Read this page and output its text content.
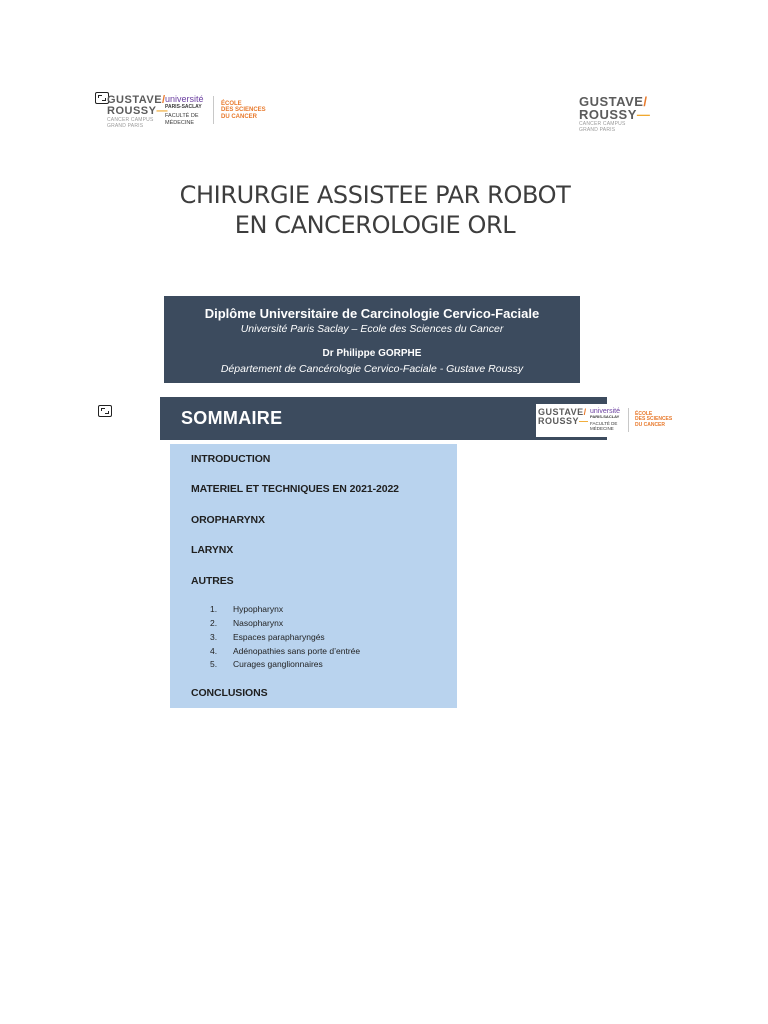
GUSTAVE/
ROUSSY—
CANCER CAMPUS
GRAND PARIS
université
PARIS-SACLAY
FACULTÉ DE
MÉDECINE
ÉCOLE
DES SCIENCES
DU CANCER
GUSTAVE/
ROUSSY—
CANCER CAMPUS
GRAND PARIS
CHIRURGIE ASSISTEE PAR ROBOT
EN CANCEROLOGIE ORL
Diplôme Universitaire de Carcinologie Cervico-Faciale
Université Paris Saclay – Ecole des Sciences du Cancer
Dr Philippe GORPHE
Département de Cancérologie Cervico-Faciale - Gustave Roussy
SOMMAIRE	GUSTAVE/
ROUSSY—
université
PARIS-SACLAY
FACULTÉ DE
MÉDECINE
ÉCOLE
DES SCIENCES
DU CANCER
INTRODUCTION
MATERIEL ET TECHNIQUES EN 2021-2022
OROPHARYNX
LARYNX
AUTRES
1. Hypopharynx
2. Nasopharynx
3. Espaces parapharyngés
4. Adénopathies sans porte d’entrée
5. Curages ganglionnaires
CONCLUSIONS
